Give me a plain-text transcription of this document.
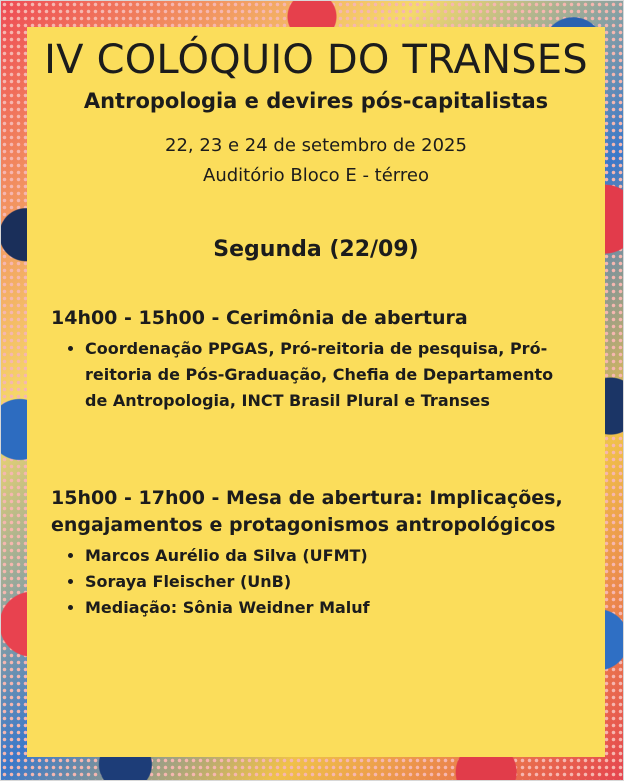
IV COLÓQUIO DO TRANSES

Antropologia e devires pós-capitalistas

22, 23 e 24 de setembro de 2025

Auditório Bloco E - térreo

Segunda (22/09)

14h00 - 15h00 - Cerimônia de abertura
• Coordenação PPGAS, Pró-reitoria de pesquisa, Pró-reitoria de Pós-Graduação, Chefia de Departamento de Antropologia, INCT Brasil Plural e Transes
15h00 - 17h00 - Mesa de abertura: Implicações, engajamentos e protagonismos antropológicos
• Marcos Aurélio da Silva (UFMT)
• Soraya Fleischer (UnB)
• Mediação: Sônia Weidner Maluf
